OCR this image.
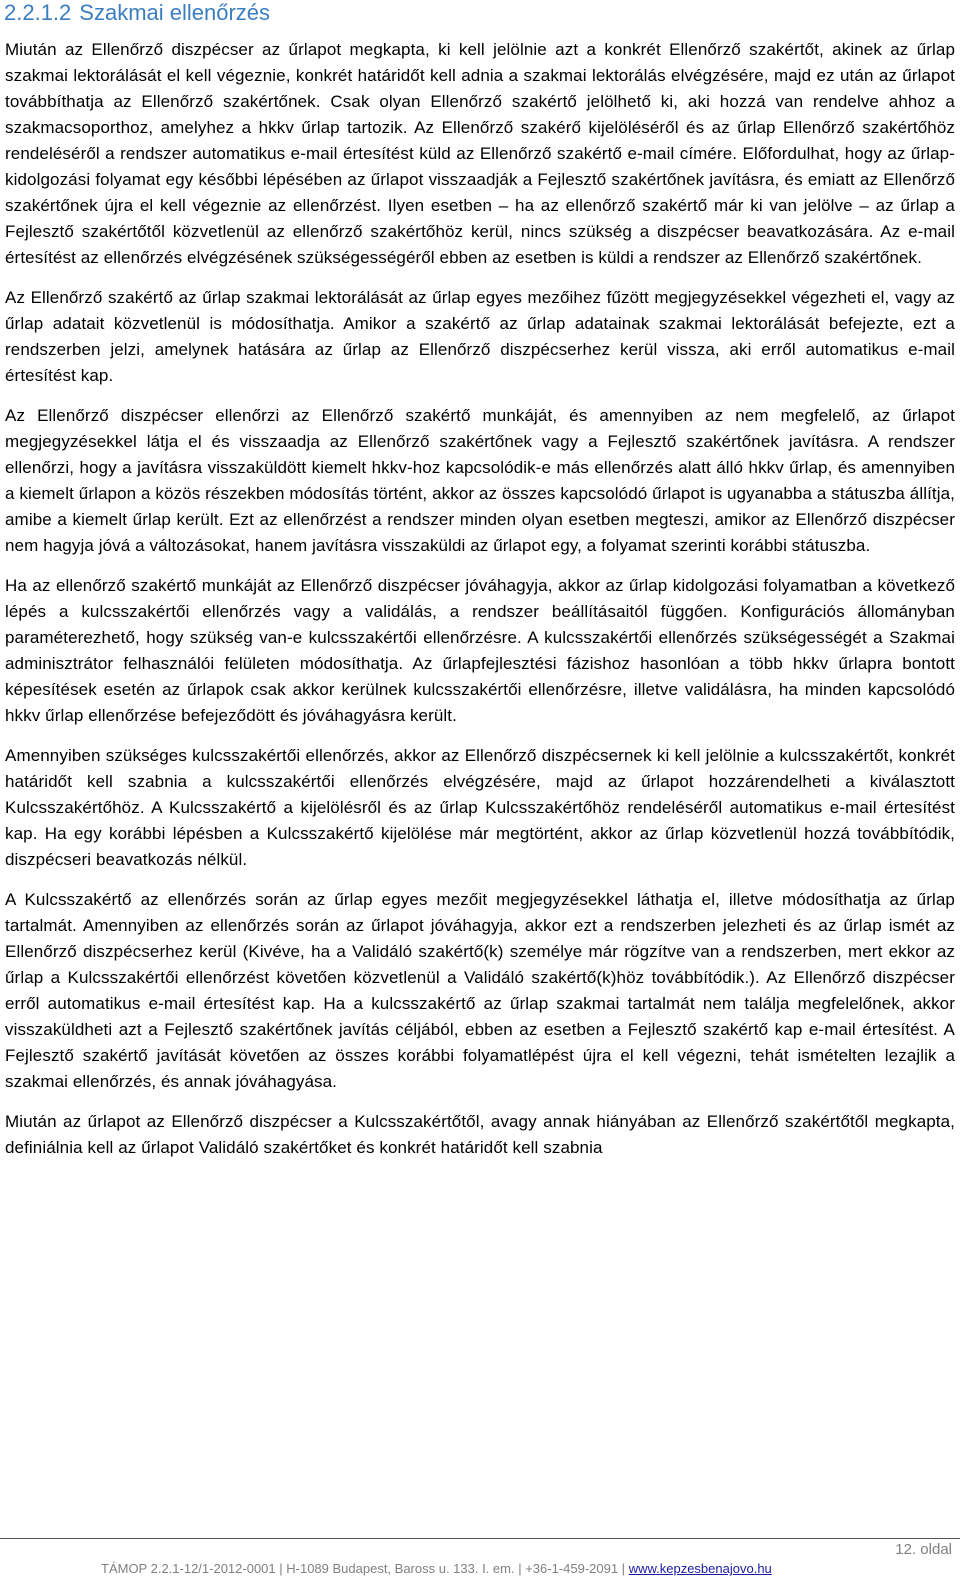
2.2.1.2 Szakmai ellenőrzés

Miután az Ellenőrző diszpécser az űrlapot megkapta, ki kell jelölnie azt a konkrét Ellenőrző szakértőt, akinek az űrlap szakmai lektorálását el kell végeznie, konkrét határidőt kell adnia a szakmai lektorálás elvégzésére, majd ez után az űrlapot továbbíthatja az Ellenőrző szakértőnek. Csak olyan Ellenőrző szakértő jelölhető ki, aki hozzá van rendelve ahhoz a szakmacsoporthoz, amelyhez a hkkv űrlap tartozik. Az Ellenőrző szakérő kijelöléséről és az űrlap Ellenőrző szakértőhöz rendeléséről a rendszer automatikus e-mail értesítést küld az Ellenőrző szakértő e-mail címére. Előfordulhat, hogy az űrlap-kidolgozási folyamat egy későbbi lépésében az űrlapot visszaadják a Fejlesztő szakértőnek javításra, és emiatt az Ellenőrző szakértőnek újra el kell végeznie az ellenőrzést. Ilyen esetben – ha az ellenőrző szakértő már ki van jelölve – az űrlap a Fejlesztő szakértőtől közvetlenül az ellenőrző szakértőhöz kerül, nincs szükség a diszpécser beavatkozására. Az e-mail értesítést az ellenőrzés elvégzésének szükségességéről ebben az esetben is küldi a rendszer az Ellenőrző szakértőnek.

Az Ellenőrző szakértő az űrlap szakmai lektorálását az űrlap egyes mezőihez fűzött megjegyzésekkel végezheti el, vagy az űrlap adatait közvetlenül is módosíthatja. Amikor a szakértő az űrlap adatainak szakmai lektorálását befejezte, ezt a rendszerben jelzi, amelynek hatására az űrlap az Ellenőrző diszpécserhez kerül vissza, aki erről automatikus e-mail értesítést kap.

Az Ellenőrző diszpécser ellenőrzi az Ellenőrző szakértő munkáját, és amennyiben az nem megfelelő, az űrlapot megjegyzésekkel látja el és visszaadja az Ellenőrző szakértőnek vagy a Fejlesztő szakértőnek javításra. A rendszer ellenőrzi, hogy a javításra visszaküldött kiemelt hkkv-hoz kapcsolódik-e más ellenőrzés alatt álló hkkv űrlap, és amennyiben a kiemelt űrlapon a közös részekben módosítás történt, akkor az összes kapcsolódó űrlapot is ugyanabba a státuszba állítja, amibe a kiemelt űrlap került. Ezt az ellenőrzést a rendszer minden olyan esetben megteszi, amikor az Ellenőrző diszpécser nem hagyja jóvá a változásokat, hanem javításra visszaküldi az űrlapot egy, a folyamat szerinti korábbi státuszba.

Ha az ellenőrző szakértő munkáját az Ellenőrző diszpécser jóváhagyja, akkor az űrlap kidolgozási folyamatban a következő lépés a kulcsszakértői ellenőrzés vagy a validálás, a rendszer beállításaitól függően. Konfigurációs állományban paraméterezhető, hogy szükség van-e kulcsszakértői ellenőrzésre. A kulcsszakértői ellenőrzés szükségességét a Szakmai adminisztrátor felhasználói felületen módosíthatja. Az űrlapfejlesztési fázishoz hasonlóan a több hkkv űrlapra bontott képesítések esetén az űrlapok csak akkor kerülnek kulcsszakértői ellenőrzésre, illetve validálásra, ha minden kapcsolódó hkkv űrlap ellenőrzése befejeződött és jóváhagyásra került.

Amennyiben szükséges kulcsszakértői ellenőrzés, akkor az Ellenőrző diszpécsernek ki kell jelölnie a kulcsszakértőt, konkrét határidőt kell szabnia a kulcsszakértői ellenőrzés elvégzésére, majd az űrlapot hozzárendelheti a kiválasztott Kulcsszakértőhöz. A Kulcsszakértő a kijelölésről és az űrlap Kulcsszakértőhöz rendeléséről automatikus e-mail értesítést kap. Ha egy korábbi lépésben a Kulcsszakértő kijelölése már megtörtént, akkor az űrlap közvetlenül hozzá továbbítódik, diszpécseri beavatkozás nélkül.

A Kulcsszakértő az ellenőrzés során az űrlap egyes mezőit megjegyzésekkel láthatja el, illetve módosíthatja az űrlap tartalmát. Amennyiben az ellenőrzés során az űrlapot jóváhagyja, akkor ezt a rendszerben jelezheti és az űrlap ismét az Ellenőrző diszpécserhez kerül (Kivéve, ha a Validáló szakértő(k) személye már rögzítve van a rendszerben, mert ekkor az űrlap a Kulcsszakértői ellenőrzést követően közvetlenül a Validáló szakértő(k)höz továbbítódik.). Az Ellenőrző diszpécser erről automatikus e-mail értesítést kap. Ha a kulcsszakértő az űrlap szakmai tartalmát nem találja megfelelőnek, akkor visszaküldheti azt a Fejlesztő szakértőnek javítás céljából, ebben az esetben a Fejlesztő szakértő kap e-mail értesítést. A Fejlesztő szakértő javítását követően az összes korábbi folyamatlépést újra el kell végezni, tehát ismételten lezajlik a szakmai ellenőrzés, és annak jóváhagyása.

Miután az űrlapot az Ellenőrző diszpécser a Kulcsszakértőtől, avagy annak hiányában az Ellenőrző szakértőtől megkapta, definiálnia kell az űrlapot Validáló szakértőket és konkrét határidőt kell szabnia

12. oldal
TÁMOP 2.2.1-12/1-2012-0001 | H-1089 Budapest, Baross u. 133. I. em. | +36-1-459-2091 | www.kepzesbenajovo.hu
